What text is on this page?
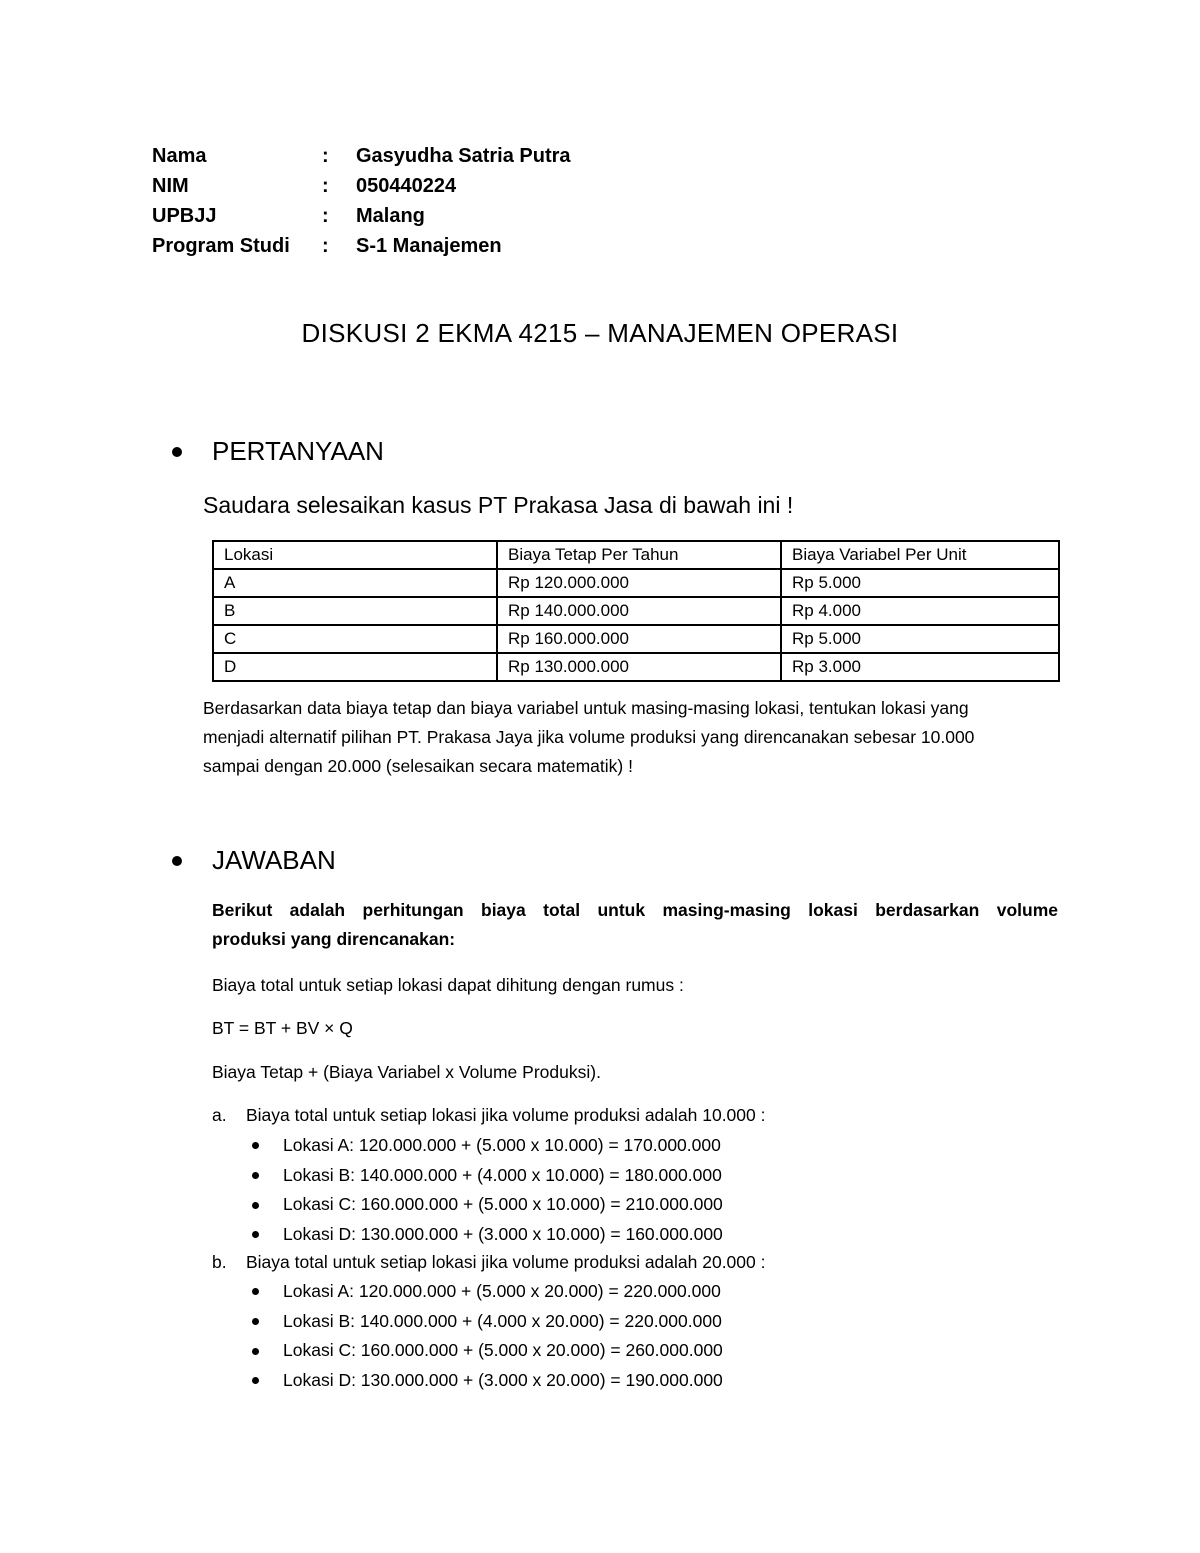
Nama	:	Gasyudha Satria Putra
NIM	:	050440224
UPBJJ	:	Malang
Program Studi	:	S-1 Manajemen
DISKUSI 2 EKMA 4215 – MANAJEMEN OPERASI
PERTANYAAN
Saudara selesaikan kasus PT Prakasa Jasa di bawah ini !
Lokasi	Biaya Tetap Per Tahun	Biaya Variabel Per Unit
A	Rp 120.000.000	Rp 5.000
B	Rp 140.000.000	Rp 4.000
C	Rp 160.000.000	Rp 5.000
D	Rp 130.000.000	Rp 3.000
Berdasarkan data biaya tetap dan biaya variabel untuk masing-masing lokasi, tentukan lokasi yang
menjadi alternatif pilihan PT. Prakasa Jaya jika volume produksi yang direncanakan sebesar 10.000
sampai dengan 20.000 (selesaikan secara matematik) !
JAWABAN
Berikut adalah perhitungan biaya total untuk masing-masing lokasi berdasarkan volume
produksi yang direncanakan:
Biaya total untuk setiap lokasi dapat dihitung dengan rumus :
BT = BT + BV × Q
Biaya Tetap + (Biaya Variabel x Volume Produksi).
a. Biaya total untuk setiap lokasi jika volume produksi adalah 10.000 :
Lokasi A: 120.000.000 + (5.000 x 10.000) = 170.000.000
Lokasi B: 140.000.000 + (4.000 x 10.000) = 180.000.000
Lokasi C: 160.000.000 + (5.000 x 10.000) = 210.000.000
Lokasi D: 130.000.000 + (3.000 x 10.000) = 160.000.000
b. Biaya total untuk setiap lokasi jika volume produksi adalah 20.000 :
Lokasi A: 120.000.000 + (5.000 x 20.000) = 220.000.000
Lokasi B: 140.000.000 + (4.000 x 20.000) = 220.000.000
Lokasi C: 160.000.000 + (5.000 x 20.000) = 260.000.000
Lokasi D: 130.000.000 + (3.000 x 20.000) = 190.000.000
